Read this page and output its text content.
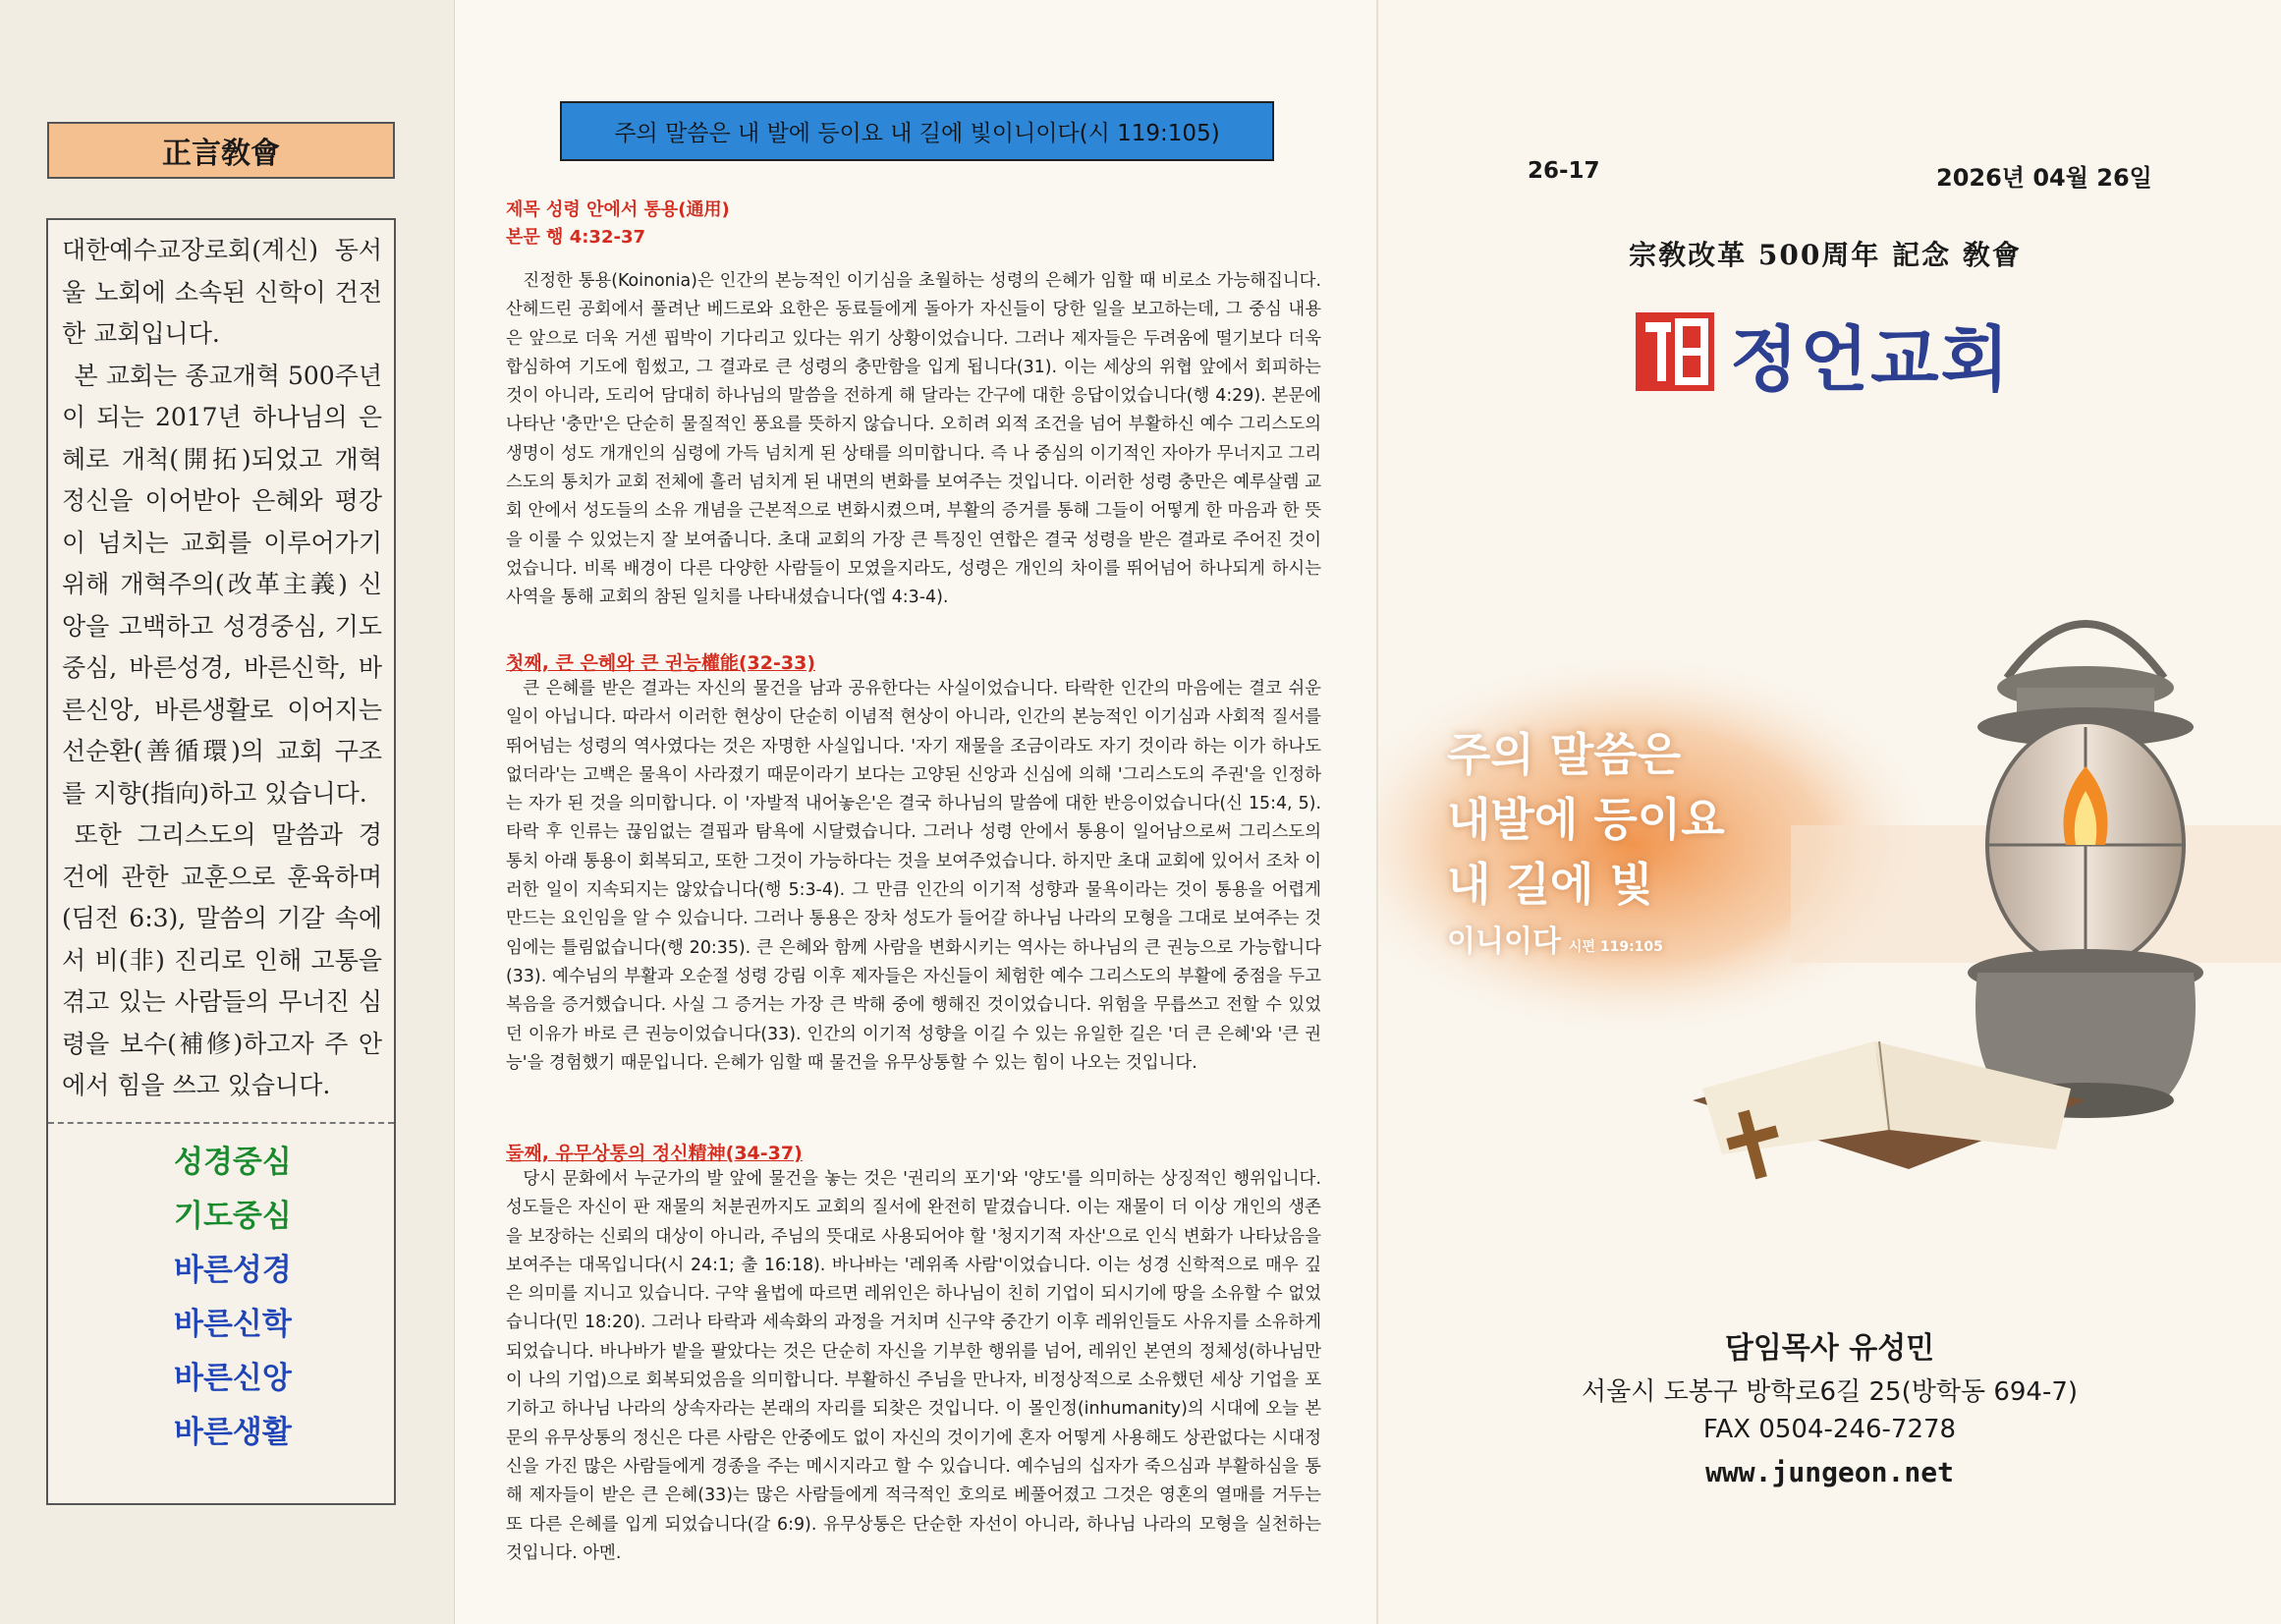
正言敎會

대한예수교장로회(계신) 동서울 노회에 소속된 신학이 건전한 교회입니다.

본 교회는 종교개혁 500주년이 되는 2017년 하나님의 은혜로 개척(開拓)되었고 개혁정신을 이어받아 은혜와 평강이 넘치는 교회를 이루어가기 위해 개혁주의(改革主義) 신앙을 고백하고 성경중심, 기도중심, 바른성경, 바른신학, 바른신앙, 바른생활로 이어지는 선순환(善循環)의 교회 구조를 지향(指向)하고 있습니다.

또한 그리스도의 말씀과 경건에 관한 교훈으로 훈육하며(딤전 6:3), 말씀의 기갈 속에서 비(非) 진리로 인해 고통을 겪고 있는 사람들의 무너진 심령을 보수(補修)하고자 주 안에서 힘을 쓰고 있습니다.

성경중심
기도중심
바른성경
바른신학
바른신앙
바른생활
주의 말씀은 내 발에 등이요 내 길에 빛이니이다(시 119:105)
제목 성령 안에서 통용(通用)
본문 행 4:32-37

진정한 통용(Koinonia)은 인간의 본능적인 이기심을 초월하는 성령의 은혜가 임할 때 비로소 가능해집니다. 산헤드린 공회에서 풀려난 베드로와 요한은 동료들에게 돌아가 자신들이 당한 일을 보고하는데, 그 중심 내용은 앞으로 더욱 거센 핍박이 기다리고 있다는 위기 상황이었습니다. 그러나 제자들은 두려움에 떨기보다 더욱 합심하여 기도에 힘썼고, 그 결과로 큰 성령의 충만함을 입게 됩니다(31). 이는 세상의 위협 앞에서 회피하는 것이 아니라, 도리어 담대히 하나님의 말씀을 전하게 해 달라는 간구에 대한 응답이었습니다(행 4:29). 본문에 나타난 '충만'은 단순히 물질적인 풍요를 뜻하지 않습니다. 오히려 외적 조건을 넘어 부활하신 예수 그리스도의 생명이 성도 개개인의 심령에 가득 넘치게 된 상태를 의미합니다. 즉 나 중심의 이기적인 자아가 무너지고 그리스도의 통치가 교회 전체에 흘러 넘치게 된 내면의 변화를 보여주는 것입니다. 이러한 성령 충만은 예루살렘 교회 안에서 성도들의 소유 개념을 근본적으로 변화시켰으며, 부활의 증거를 통해 그들이 어떻게 한 마음과 한 뜻을 이룰 수 있었는지 잘 보여줍니다. 초대 교회의 가장 큰 특징인 연합은 결국 성령을 받은 결과로 주어진 것이었습니다. 비록 배경이 다른 다양한 사람들이 모였을지라도, 성령은 개인의 차이를 뛰어넘어 하나되게 하시는 사역을 통해 교회의 참된 일치를 나타내셨습니다(엡 4:3-4).

첫째, 큰 은혜와 큰 권능權能(32-33)

큰 은혜를 받은 결과는 자신의 물건을 남과 공유한다는 사실이었습니다. 타락한 인간의 마음에는 결코 쉬운 일이 아닙니다. 따라서 이러한 현상이 단순히 이념적 현상이 아니라, 인간의 본능적인 이기심과 사회적 질서를 뛰어넘는 성령의 역사였다는 것은 자명한 사실입니다. '자기 재물을 조금이라도 자기 것이라 하는 이가 하나도 없더라'는 고백은 물욕이 사라졌기 때문이라기 보다는 고양된 신앙과 신심에 의해 '그리스도의 주권'을 인정하는 자가 된 것을 의미합니다. 이 '자발적 내어놓은'은 결국 하나님의 말씀에 대한 반응이었습니다(신 15:4, 5). 타락 후 인류는 끊임없는 결핍과 탐욕에 시달렸습니다. 그러나 성령 안에서 통용이 일어남으로써 그리스도의 통치 아래 통용이 회복되고, 또한 그것이 가능하다는 것을 보여주었습니다. 하지만 초대 교회에 있어서 조차 이러한 일이 지속되지는 않았습니다(행 5:3-4). 그 만큼 인간의 이기적 성향과 물욕이라는 것이 통용을 어렵게 만드는 요인임을 알 수 있습니다. 그러나 통용은 장차 성도가 들어갈 하나님 나라의 모형을 그대로 보여주는 것임에는 틀림없습니다(행 20:35). 큰 은혜와 함께 사람을 변화시키는 역사는 하나님의 큰 권능으로 가능합니다(33). 예수님의 부활과 오순절 성령 강림 이후 제자들은 자신들이 체험한 예수 그리스도의 부활에 중점을 두고 복음을 증거했습니다. 사실 그 증거는 가장 큰 박해 중에 행해진 것이었습니다. 위험을 무릅쓰고 전할 수 있었던 이유가 바로 큰 권능이었습니다(33). 인간의 이기적 성향을 이길 수 있는 유일한 길은 '더 큰 은혜'와 '큰 권능'을 경험했기 때문입니다. 은혜가 임할 때 물건을 유무상통할 수 있는 힘이 나오는 것입니다.

둘째, 유무상통의 정신精神(34-37)

당시 문화에서 누군가의 발 앞에 물건을 놓는 것은 '권리의 포기'와 '양도'를 의미하는 상징적인 행위입니다. 성도들은 자신이 판 재물의 처분권까지도 교회의 질서에 완전히 맡겼습니다. 이는 재물이 더 이상 개인의 생존을 보장하는 신뢰의 대상이 아니라, 주님의 뜻대로 사용되어야 할 '청지기적 자산'으로 인식 변화가 나타났음을 보여주는 대목입니다(시 24:1; 출 16:18). 바나바는 '레위족 사람'이었습니다. 이는 성경 신학적으로 매우 깊은 의미를 지니고 있습니다. 구약 율법에 따르면 레위인은 하나님이 친히 기업이 되시기에 땅을 소유할 수 없었습니다(민 18:20). 그러나 타락과 세속화의 과정을 거치며 신구약 중간기 이후 레위인들도 사유지를 소유하게 되었습니다. 바나바가 밭을 팔았다는 것은 단순히 자신을 기부한 행위를 넘어, 레위인 본연의 정체성(하나님만이 나의 기업)으로 회복되었음을 의미합니다. 부활하신 주님을 만나자, 비정상적으로 소유했던 세상 기업을 포기하고 하나님 나라의 상속자라는 본래의 자리를 되찾은 것입니다. 이 몰인정(inhumanity)의 시대에 오늘 본문의 유무상통의 정신은 다른 사람은 안중에도 없이 자신의 것이기에 혼자 어떻게 사용해도 상관없다는 시대정신을 가진 많은 사람들에게 경종을 주는 메시지라고 할 수 있습니다. 예수님의 십자가 죽으심과 부활하심을 통해 제자들이 받은 큰 은혜(33)는 많은 사람들에게 적극적인 호의로 베풀어졌고 그것은 영혼의 열매를 거두는 또 다른 은혜를 입게 되었습니다(갈 6:9). 유무상통은 단순한 자선이 아니라, 하나님 나라의 모형을 실천하는 것입니다. 아멘.

26-17	2026년 04월 26일
宗敎改革 500周年 記念 敎會
정언교회
주의 말씀은
내발에 등이요
내 길에 빛
이니이다 시편 119:105
담임목사 유성민
서울시 도봉구 방학로6길 25(방학동 694-7)
FAX 0504-246-7278
www.jungeon.net
